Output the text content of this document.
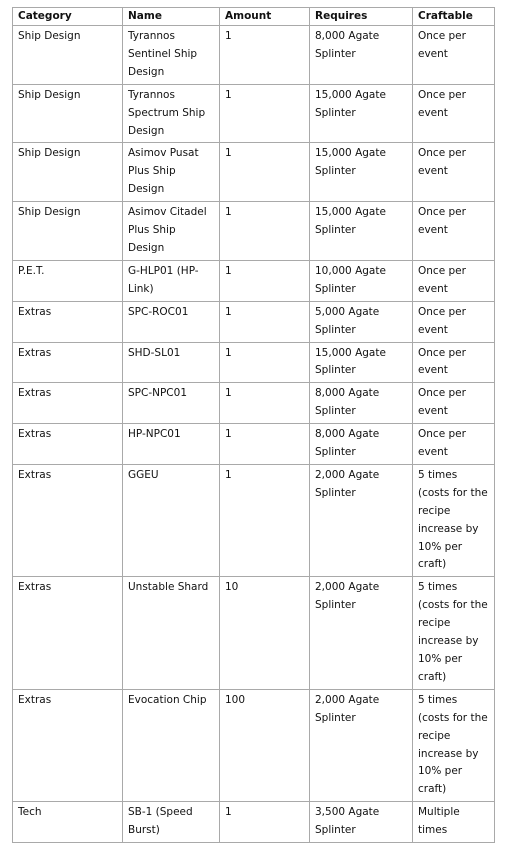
Category	Name	Amount	Requires	Craftable
Ship Design	Tyrannos Sentinel Ship Design	1	8,000 Agate Splinter	Once per event
Ship Design	Tyrannos Spectrum Ship Design	1	15,000 Agate Splinter	Once per event
Ship Design	Asimov Pusat Plus Ship Design	1	15,000 Agate Splinter	Once per event
Ship Design	Asimov Citadel Plus Ship Design	1	15,000 Agate Splinter	Once per event
P.E.T.	G-HLP01 (HP-Link)	1	10,000 Agate Splinter	Once per event
Extras	SPC-ROC01	1	5,000 Agate Splinter	Once per event
Extras	SHD-SL01	1	15,000 Agate Splinter	Once per event
Extras	SPC-NPC01	1	8,000 Agate Splinter	Once per event
Extras	HP-NPC01	1	8,000 Agate Splinter	Once per event
Extras	GGEU	1	2,000 Agate Splinter	5 times (costs for the recipe increase by 10% per craft)
Extras	Unstable Shard	10	2,000 Agate Splinter	5 times (costs for the recipe increase by 10% per craft)
Extras	Evocation Chip	100	2,000 Agate Splinter	5 times (costs for the recipe increase by 10% per craft)
Tech	SB-1 (Speed Burst)	1	3,500 Agate Splinter	Multiple times
